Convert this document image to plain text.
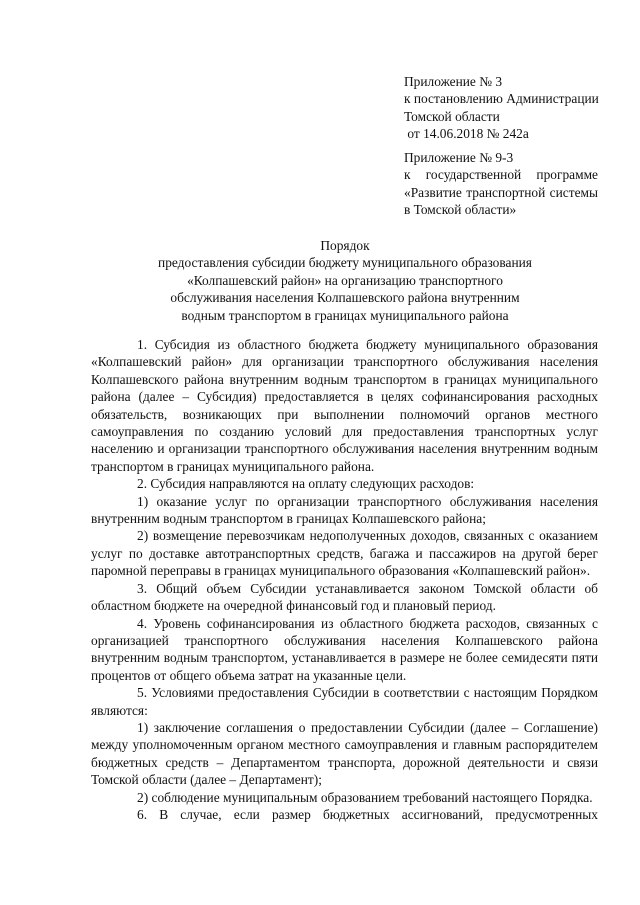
Приложение № 3
к постановлению Администрации
Томской области
от 14.06.2018 № 242а
Приложение № 9-3
к государственной программе
«Развитие транспортной системы
в Томской области»
Порядок
предоставления субсидии бюджету муниципального образования
«Колпашевский район» на организацию транспортного
обслуживания населения Колпашевского района внутренним
водным транспортом в границах муниципального района

1. Субсидия из областного бюджета бюджету муниципального образования «Колпашевский район» для организации транспортного обслуживания населения Колпашевского района внутренним водным транспортом в границах муниципального района (далее – Субсидия) предоставляется в целях софинансирования расходных обязательств, возникающих при выполнении полномочий органов местного самоуправления по созданию условий для предоставления транспортных услуг населению и организации транспортного обслуживания населения внутренним водным транспортом в границах муниципального района.

2. Субсидия направляются на оплату следующих расходов:

1) оказание услуг по организации транспортного обслуживания населения внутренним водным транспортом в границах Колпашевского района;

2) возмещение перевозчикам недополученных доходов, связанных с оказанием услуг по доставке автотранспортных средств, багажа и пассажиров на другой берег паромной переправы в границах муниципального образования «Колпашевский район».

3. Общий объем Субсидии устанавливается законом Томской области об областном бюджете на очередной финансовый год и плановый период.

4. Уровень софинансирования из областного бюджета расходов, связанных с организацией транспортного обслуживания населения Колпашевского района внутренним водным транспортом, устанавливается в размере не более семидесяти пяти процентов от общего объема затрат на указанные цели.

5. Условиями предоставления Субсидии в соответствии с настоящим Порядком являются:

1) заключение соглашения о предоставлении Субсидии (далее – Соглашение) между уполномоченным органом местного самоуправления и главным распорядителем бюджетных средств – Департаментом транспорта, дорожной деятельности и связи Томской области (далее – Департамент);

2) соблюдение муниципальным образованием требований настоящего Порядка.

6. В случае, если размер бюджетных ассигнований, предусмотренных
